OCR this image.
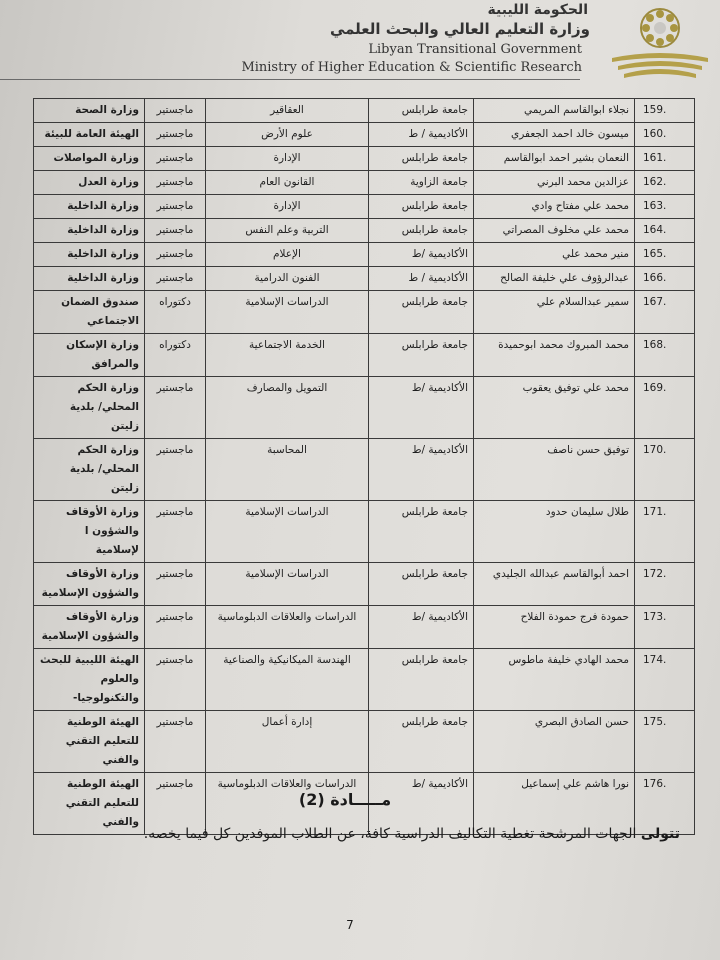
الحكومة الليبية
وزارة التعليم العالي والبحث العلمي
Libyan Transitional Government
Ministry of Higher Education & Scientific Research
159.	نجلاء ابوالقاسم المريمي	جامعة طرابلس	العقاقير	ماجستير	وزارة الصحة
160.	ميسون خالد احمد الجعفري	الأكاديمية / ط	علوم الأرض	ماجستير	الهيئة العامة للبيئة
161.	النعمان بشير احمد ابوالقاسم	جامعة طرابلس	الإدارة	ماجستير	وزارة المواصلات
162.	عزالدين محمد البرني	جامعة الزاوية	القانون العام	ماجستير	وزارة العدل
163.	محمد علي مفتاح وادي	جامعة طرابلس	الإدارة	ماجستير	وزارة الداخلية
164.	محمد علي مخلوف المصراتي	جامعة طرابلس	التربية وعلم النفس	ماجستير	وزارة الداخلية
165.	منير محمد علي	الأكاديمية /ط	الإعلام	ماجستير	وزارة الداخلية
166.	عبدالرؤوف علي خليفة الصالح	الأكاديمية / ط	الفنون الدرامية	ماجستير	وزارة الداخلية
167.	سمير عبدالسلام علي	جامعة طرابلس	الدراسات الإسلامية	دكتوراه	صندوق الضمان الاجتماعي
168.	محمد المبروك محمد ابوحميدة	جامعة طرابلس	الخدمة الاجتماعية	دكتوراه	وزارة الإسكان والمرافق
169.	محمد علي توفيق يعقوب	الأكاديمية /ط	التمويل والمصارف	ماجستير	وزارة الحكم المحلي/ بلدية زليتن
170.	توفيق حسن ناصف	الأكاديمية /ط	المحاسبة	ماجستير	وزارة الحكم المحلي/ بلدية زليتن
171.	طلال سليمان حدود	جامعة طرابلس	الدراسات الإسلامية	ماجستير	وزارة الأوقاف والشؤون ا لإسلامية
172.	احمد أبوالقاسم عبدالله الجليدي	جامعة طرابلس	الدراسات الإسلامية	ماجستير	وزارة الأوقاف والشؤون الإسلامية
173.	حمودة فرج حمودة الفلاح	الأكاديمية /ط	الدراسات والعلاقات الدبلوماسية	ماجستير	وزارة الأوقاف والشؤون الإسلامية
174.	محمد الهادي خليفة ماطوس	جامعة طرابلس	الهندسة الميكانيكية والصناعية	ماجستير	الهيئة الليبية للبحث والعلوم والتكنولوجيا-
175.	حسن الصادق البصري	جامعة طرابلس	إدارة أعمال	ماجستير	الهيئة الوطنية للتعليم التقني والفني
176.	نورا هاشم علي إسماعيل	الأكاديمية /ط	الدراسات والعلاقات الدبلوماسية	ماجستير	الهيئة الوطنية للتعليم التقني والفني
مـــــادة (2)
تتولى الجهات المرشحة تغطية التكاليف الدراسية كافة، عن الطلاب الموفدين كل فيما يخصه.
7
